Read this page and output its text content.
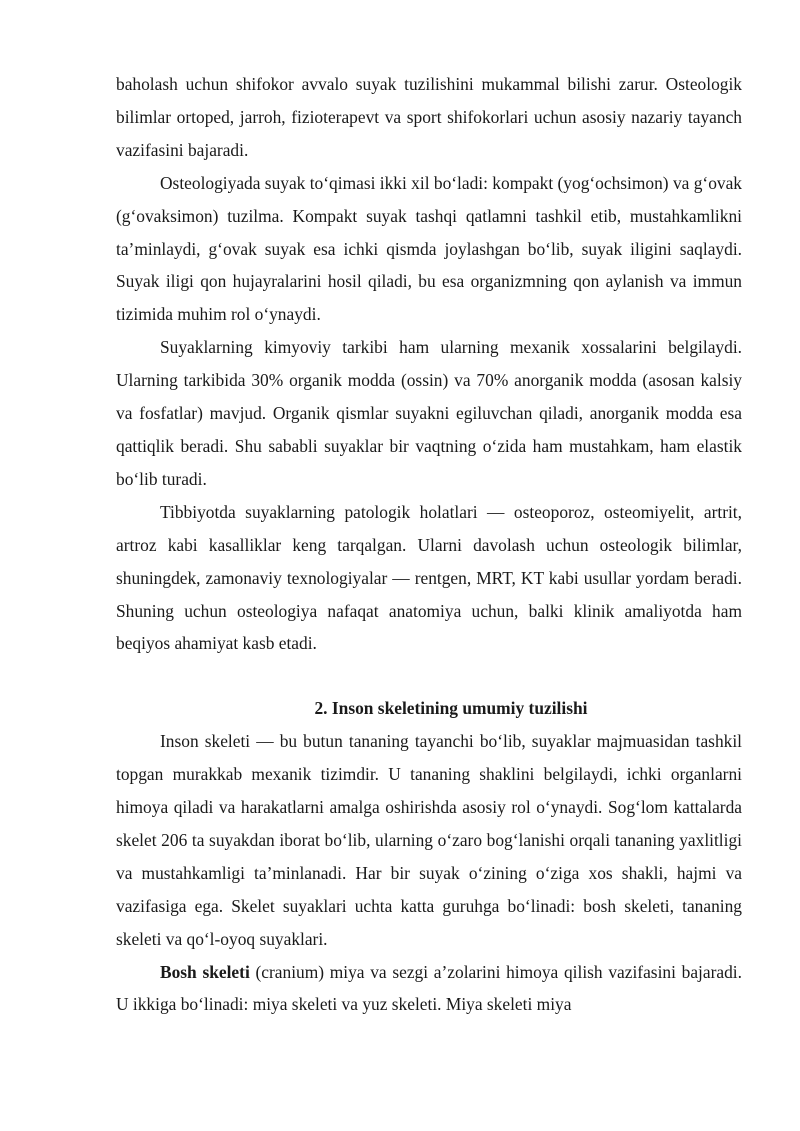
baholash uchun shifokor avvalo suyak tuzilishini mukammal bilishi zarur. Osteologik bilimlar ortoped, jarroh, fizioterapevt va sport shifokorlari uchun asosiy nazariy tayanch vazifasini bajaradi.

Osteologiyada suyak to‘qimasi ikki xil bo‘ladi: kompakt (yog‘ochsimon) va g‘ovak (g‘ovaksimon) tuzilma. Kompakt suyak tashqi qatlamni tashkil etib, mustahkamlikni ta’minlaydi, g‘ovak suyak esa ichki qismda joylashgan bo‘lib, suyak iligini saqlaydi. Suyak iligi qon hujayralarini hosil qiladi, bu esa organizmning qon aylanish va immun tizimida muhim rol o‘ynaydi.

Suyaklarning kimyoviy tarkibi ham ularning mexanik xossalarini belgilaydi. Ularning tarkibida 30% organik modda (ossin) va 70% anorganik modda (asosan kalsiy va fosfatlar) mavjud. Organik qismlar suyakni egiluvchan qiladi, anorganik modda esa qattiqlik beradi. Shu sababli suyaklar bir vaqtning o‘zida ham mustahkam, ham elastik bo‘lib turadi.

Tibbiyotda suyaklarning patologik holatlari — osteoporoz, osteomiyelit, artrit, artroz kabi kasalliklar keng tarqalgan. Ularni davolash uchun osteologik bilimlar, shuningdek, zamonaviy texnologiyalar — rentgen, MRT, KT kabi usullar yordam beradi. Shuning uchun osteologiya nafaqat anatomiya uchun, balki klinik amaliyotda ham beqiyos ahamiyat kasb etadi.

2. Inson skeletining umumiy tuzilishi

Inson skeleti — bu butun tananing tayanchi bo‘lib, suyaklar majmuasidan tashkil topgan murakkab mexanik tizimdir. U tananing shaklini belgilaydi, ichki organlarni himoya qiladi va harakatlarni amalga oshirishda asosiy rol o‘ynaydi. Sog‘lom kattalarda skelet 206 ta suyakdan iborat bo‘lib, ularning o‘zaro bog‘lanishi orqali tananing yaxlitligi va mustahkamligi ta’minlanadi. Har bir suyak o‘zining o‘ziga xos shakli, hajmi va vazifasiga ega. Skelet suyaklari uchta katta guruhga bo‘linadi: bosh skeleti, tananing skeleti va qo‘l-oyoq suyaklari.

Bosh skeleti (cranium) miya va sezgi a’zolarini himoya qilish vazifasini bajaradi. U ikkiga bo‘linadi: miya skeleti va yuz skeleti. Miya skeleti miya
